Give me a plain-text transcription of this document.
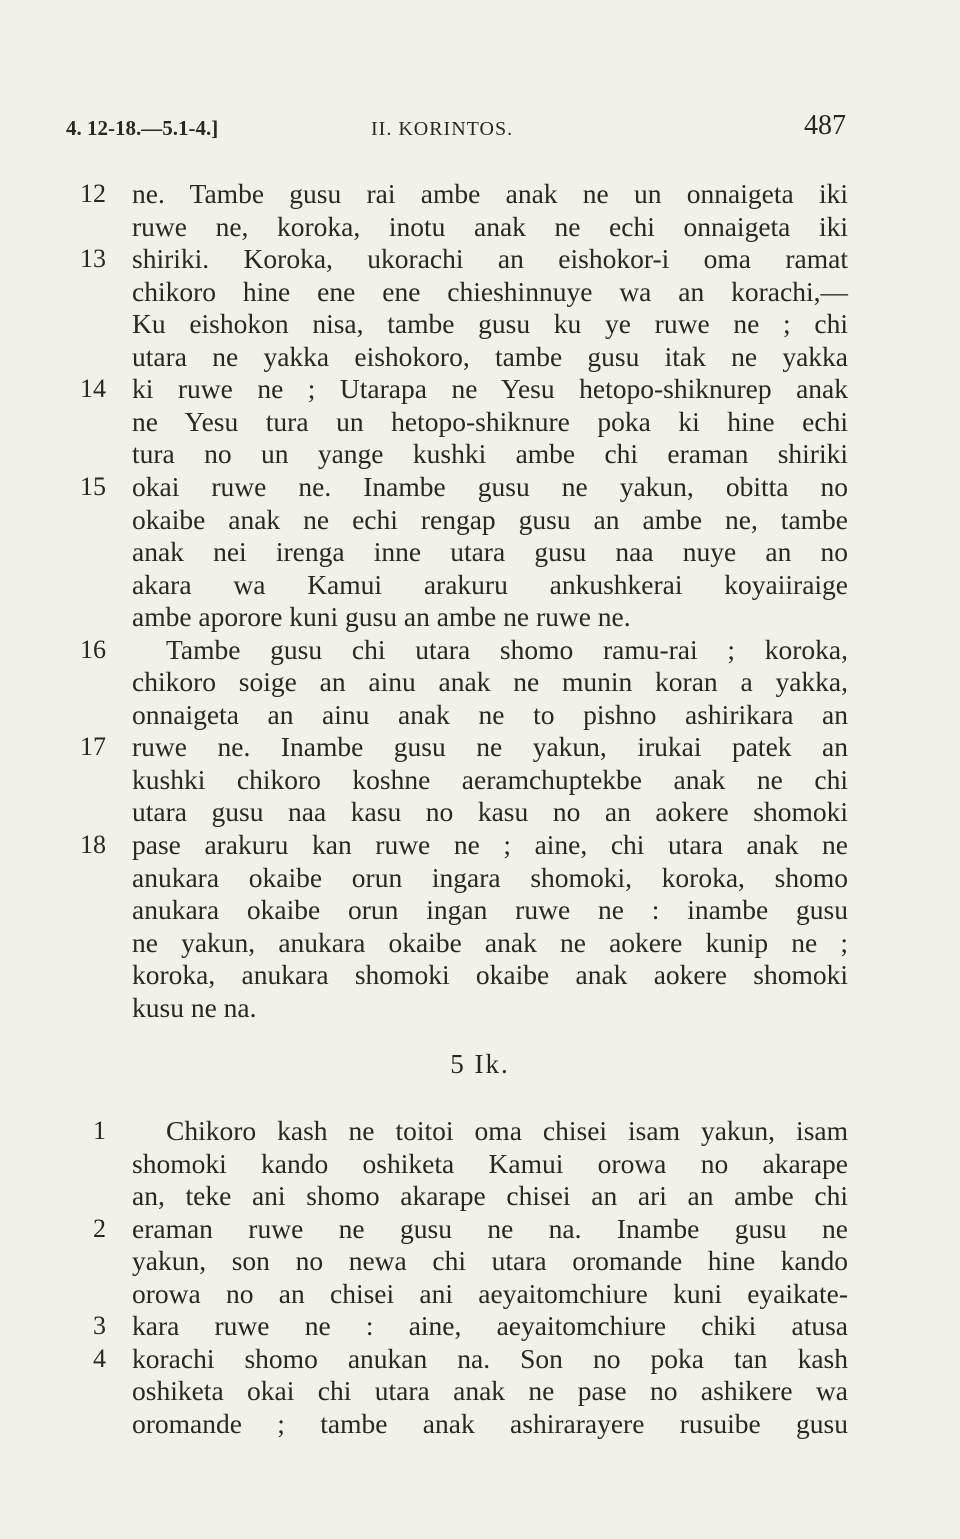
4. 12-18.—5.1-4.]	II. KORINTOS.	487
12 ne. Tambe gusu rai ambe anak ne un onnaigeta iki
ruwe ne, koroka, inotu anak ne echi onnaigeta iki
13 shiriki. Koroka, ukorachi an eishokor-i oma ramat
chikoro hine ene ene chieshinnuye wa an korachi,—
Ku eishokon nisa, tambe gusu ku ye ruwe ne ; chi
utara ne yakka eishokoro, tambe gusu itak ne yakka
14 ki ruwe ne ; Utarapa ne Yesu hetopo-shiknurep anak
ne Yesu tura un hetopo-shiknure poka ki hine echi
tura no un yange kushki ambe chi eraman shiriki
15 okai ruwe ne. Inambe gusu ne yakun, obitta no
okaibe anak ne echi rengap gusu an ambe ne, tambe
anak nei irenga inne utara gusu naa nuye an no
akara wa Kamui arakuru ankushkerai koyaiiraige
ambe aporore kuni gusu an ambe ne ruwe ne.
16	Tambe gusu chi utara shomo ramu-rai ; koroka,
chikoro soige an ainu anak ne munin koran a yakka,
onnaigeta an ainu anak ne to pishno ashirikara an
17 ruwe ne. Inambe gusu ne yakun, irukai patek an
kushki chikoro koshne aeramchuptekbe anak ne chi
utara gusu naa kasu no kasu no an aokere shomoki
18 pase arakuru kan ruwe ne ; aine, chi utara anak ne
anukara okaibe orun ingara shomoki, koroka, shomo
anukara okaibe orun ingan ruwe ne : inambe gusu
ne yakun, anukara okaibe anak ne aokere kunip ne ;
koroka, anukara shomoki okaibe anak aokere shomoki
kusu ne na.
5 Ik.
1	Chikoro kash ne toitoi oma chisei isam yakun, isam
shomoki kando oshiketa Kamui orowa no akarape
an, teke ani shomo akarape chisei an ari an ambe chi
2 eraman ruwe ne gusu ne na. Inambe gusu ne
yakun, son no newa chi utara oromande hine kando
orowa no an chisei ani aeyaitomchiure kuni eyaikate-
3 kara ruwe ne : aine, aeyaitomchiure chiki atusa
4 korachi shomo anukan na. Son no poka tan kash
oshiketa okai chi utara anak ne pase no ashikere wa
oromande ; tambe anak ashirarayere rusuibe gusu
